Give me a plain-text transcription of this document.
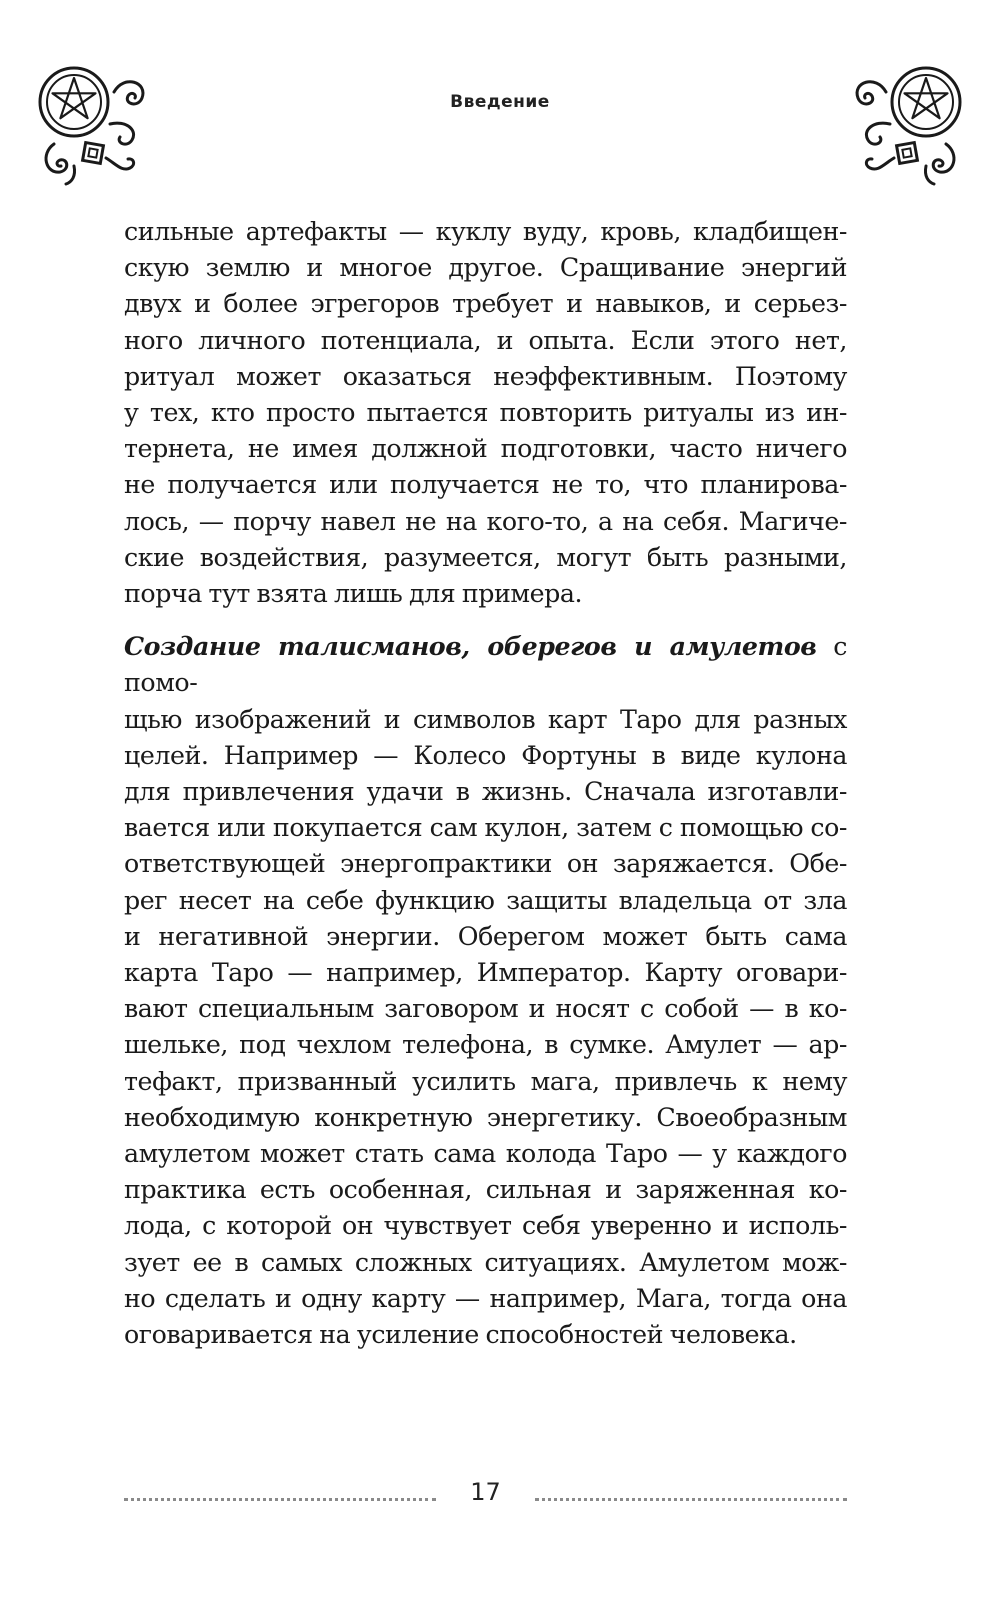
Введение
сильные артефакты — куклу вуду, кровь, кладбищен-
скую землю и многое другое. Сращивание энергий
двух и более эгрегоров требует и навыков, и серьез-
ного личного потенциала, и опыта. Если этого нет,
ритуал может оказаться неэффективным. Поэтому
у тех, кто просто пытается повторить ритуалы из ин-
тернета, не имея должной подготовки, часто ничего
не получается или получается не то, что планирова-
лось, — порчу навел не на кого-то, а на себя. Магиче-
ские воздействия, разумеется, могут быть разными,
порча тут взята лишь для примера.
Создание талисманов, оберегов и амулетов с помо-
щью изображений и символов карт Таро для разных
целей. Например — Колесо Фортуны в виде кулона
для привлечения удачи в жизнь. Сначала изготавли-
вается или покупается сам кулон, затем с помощью со-
ответствующей энергопрактики он заряжается. Обе-
рег несет на себе функцию защиты владельца от зла
и негативной энергии. Оберегом может быть сама
карта Таро — например, Император. Карту оговари-
вают специальным заговором и носят с собой — в ко-
шельке, под чехлом телефона, в сумке. Амулет — ар-
тефакт, призванный усилить мага, привлечь к нему
необходимую конкретную энергетику. Своеобразным
амулетом может стать сама колода Таро — у каждого
практика есть особенная, сильная и заряженная ко-
лода, с которой он чувствует себя уверенно и исполь-
зует ее в самых сложных ситуациях. Амулетом мож-
но сделать и одну карту — например, Мага, тогда она
оговаривается на усиление способностей человека.
17
